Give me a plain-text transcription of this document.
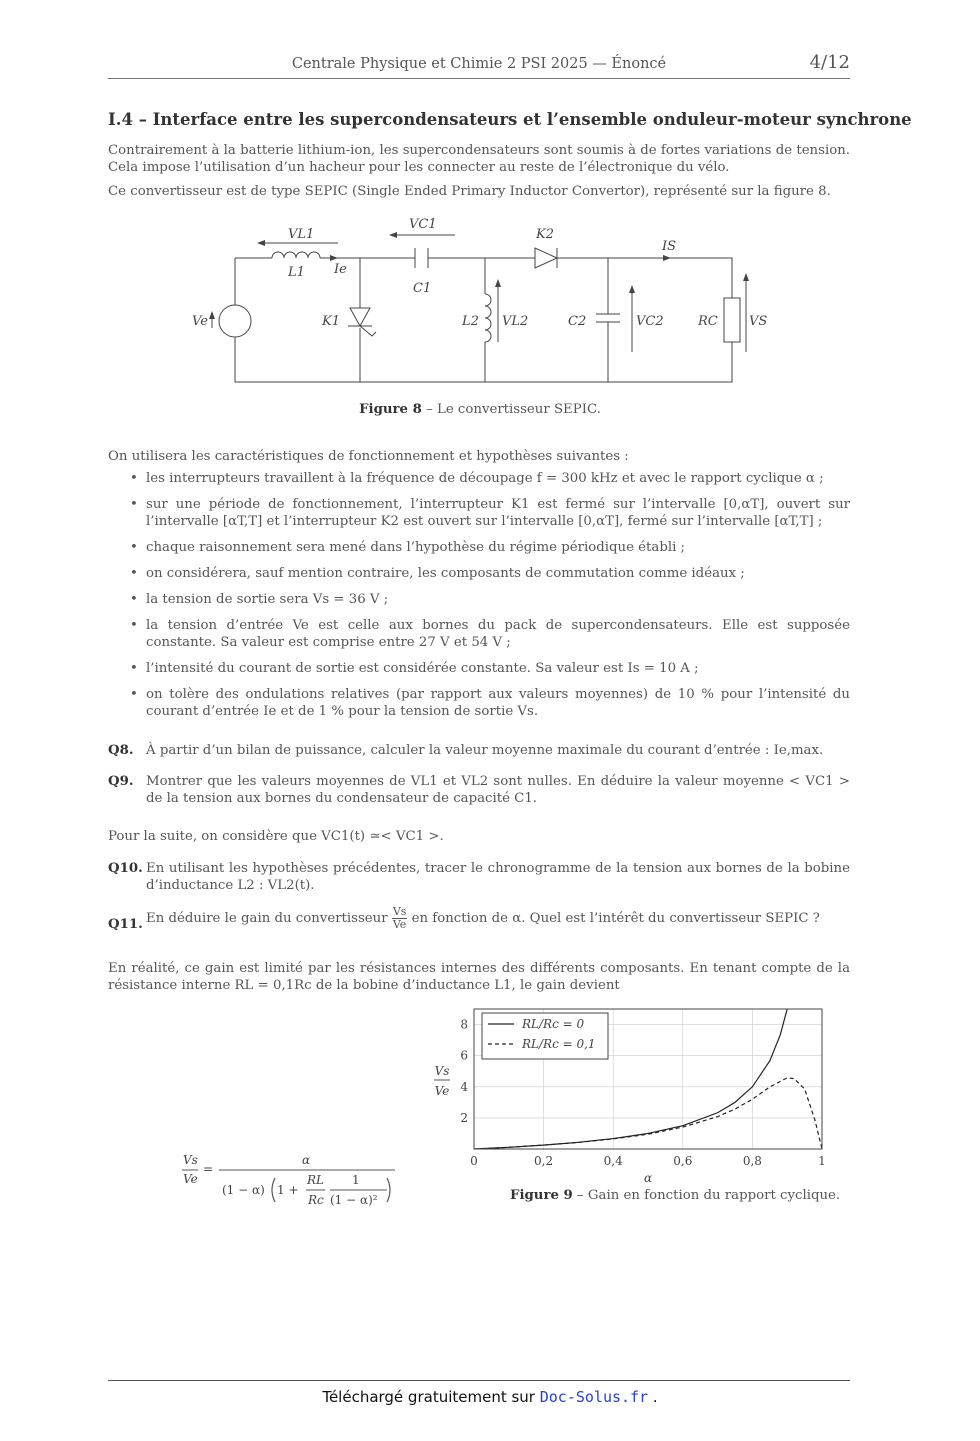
Centrale Physique et Chimie 2 PSI 2025 — Énoncé	4/12
I.4 – Interface entre les supercondensateurs et l’ensemble onduleur-moteur synchrone
Contrairement à la batterie lithium-ion, les supercondensateurs sont soumis à de fortes variations de tension. Cela impose l’utilisation d’un hacheur pour les connecter au reste de l’électronique du vélo.
Ce convertisseur est de type SEPIC (Single Ended Primary Inductor Convertor), représenté sur la figure 8.
VL1
L1 Ie
VC1
C1
K2
IS
Ve	K1	L2 VL2	C2	VC2	RC VS
Figure 8 – Le convertisseur SEPIC.
On utilisera les caractéristiques de fonctionnement et hypothèses suivantes :
• les interrupteurs travaillent à la fréquence de découpage f = 300 kHz et avec le rapport cyclique α ;
• sur une période de fonctionnement, l’interrupteur K1 est fermé sur l’intervalle [0,αT], ouvert sur l’intervalle [αT,T] et l’interrupteur K2 est ouvert sur l’intervalle [0,αT], fermé sur l’intervalle [αT,T] ;
• chaque raisonnement sera mené dans l’hypothèse du régime périodique établi ;
• on considérera, sauf mention contraire, les composants de commutation comme idéaux ;
• la tension de sortie sera Vs = 36 V ;
• la tension d’entrée Ve est celle aux bornes du pack de supercondensateurs. Elle est supposée constante. Sa valeur est comprise entre 27 V et 54 V ;
• l’intensité du courant de sortie est considérée constante. Sa valeur est Is = 10 A ;
• on tolère des ondulations relatives (par rapport aux valeurs moyennes) de 10 % pour l’intensité du courant d’entrée Ie et de 1 % pour la tension de sortie Vs.
Q8. À partir d’un bilan de puissance, calculer la valeur moyenne maximale du courant d’entrée : Ie,max.
Q9. Montrer que les valeurs moyennes de VL1 et VL2 sont nulles. En déduire la valeur moyenne < VC1 > de la tension aux bornes du condensateur de capacité C1.
Pour la suite, on considère que VC1(t) ≃< VC1 >.
Q10. En utilisant les hypothèses précédentes, tracer le chronogramme de la tension aux bornes de la bobine d’inductance L2 : VL2(t).
Q11. En déduire le gain du convertisseur $\frac{Vs}{Ve}$ en fonction de α. Quel est l’intérêt du convertisseur SEPIC ?
En réalité, ce gain est limité par les résistances internes des différents composants. En tenant compte de la résistance interne RL = 0,1Rc de la bobine d’inductance L1, le gain devient
Vs
Ve
=
α
(1 − α) 1 +
RL
Rc
1
(1 − α)²
0	0,2	0,4	0,6	0,8	1
2
4
6
8
α
Vs
Ve
RL/Rc = 0
RL/Rc = 0,1
Figure 9 – Gain en fonction du rapport cyclique.
Téléchargé gratuitement sur Doc-Solus.fr .
